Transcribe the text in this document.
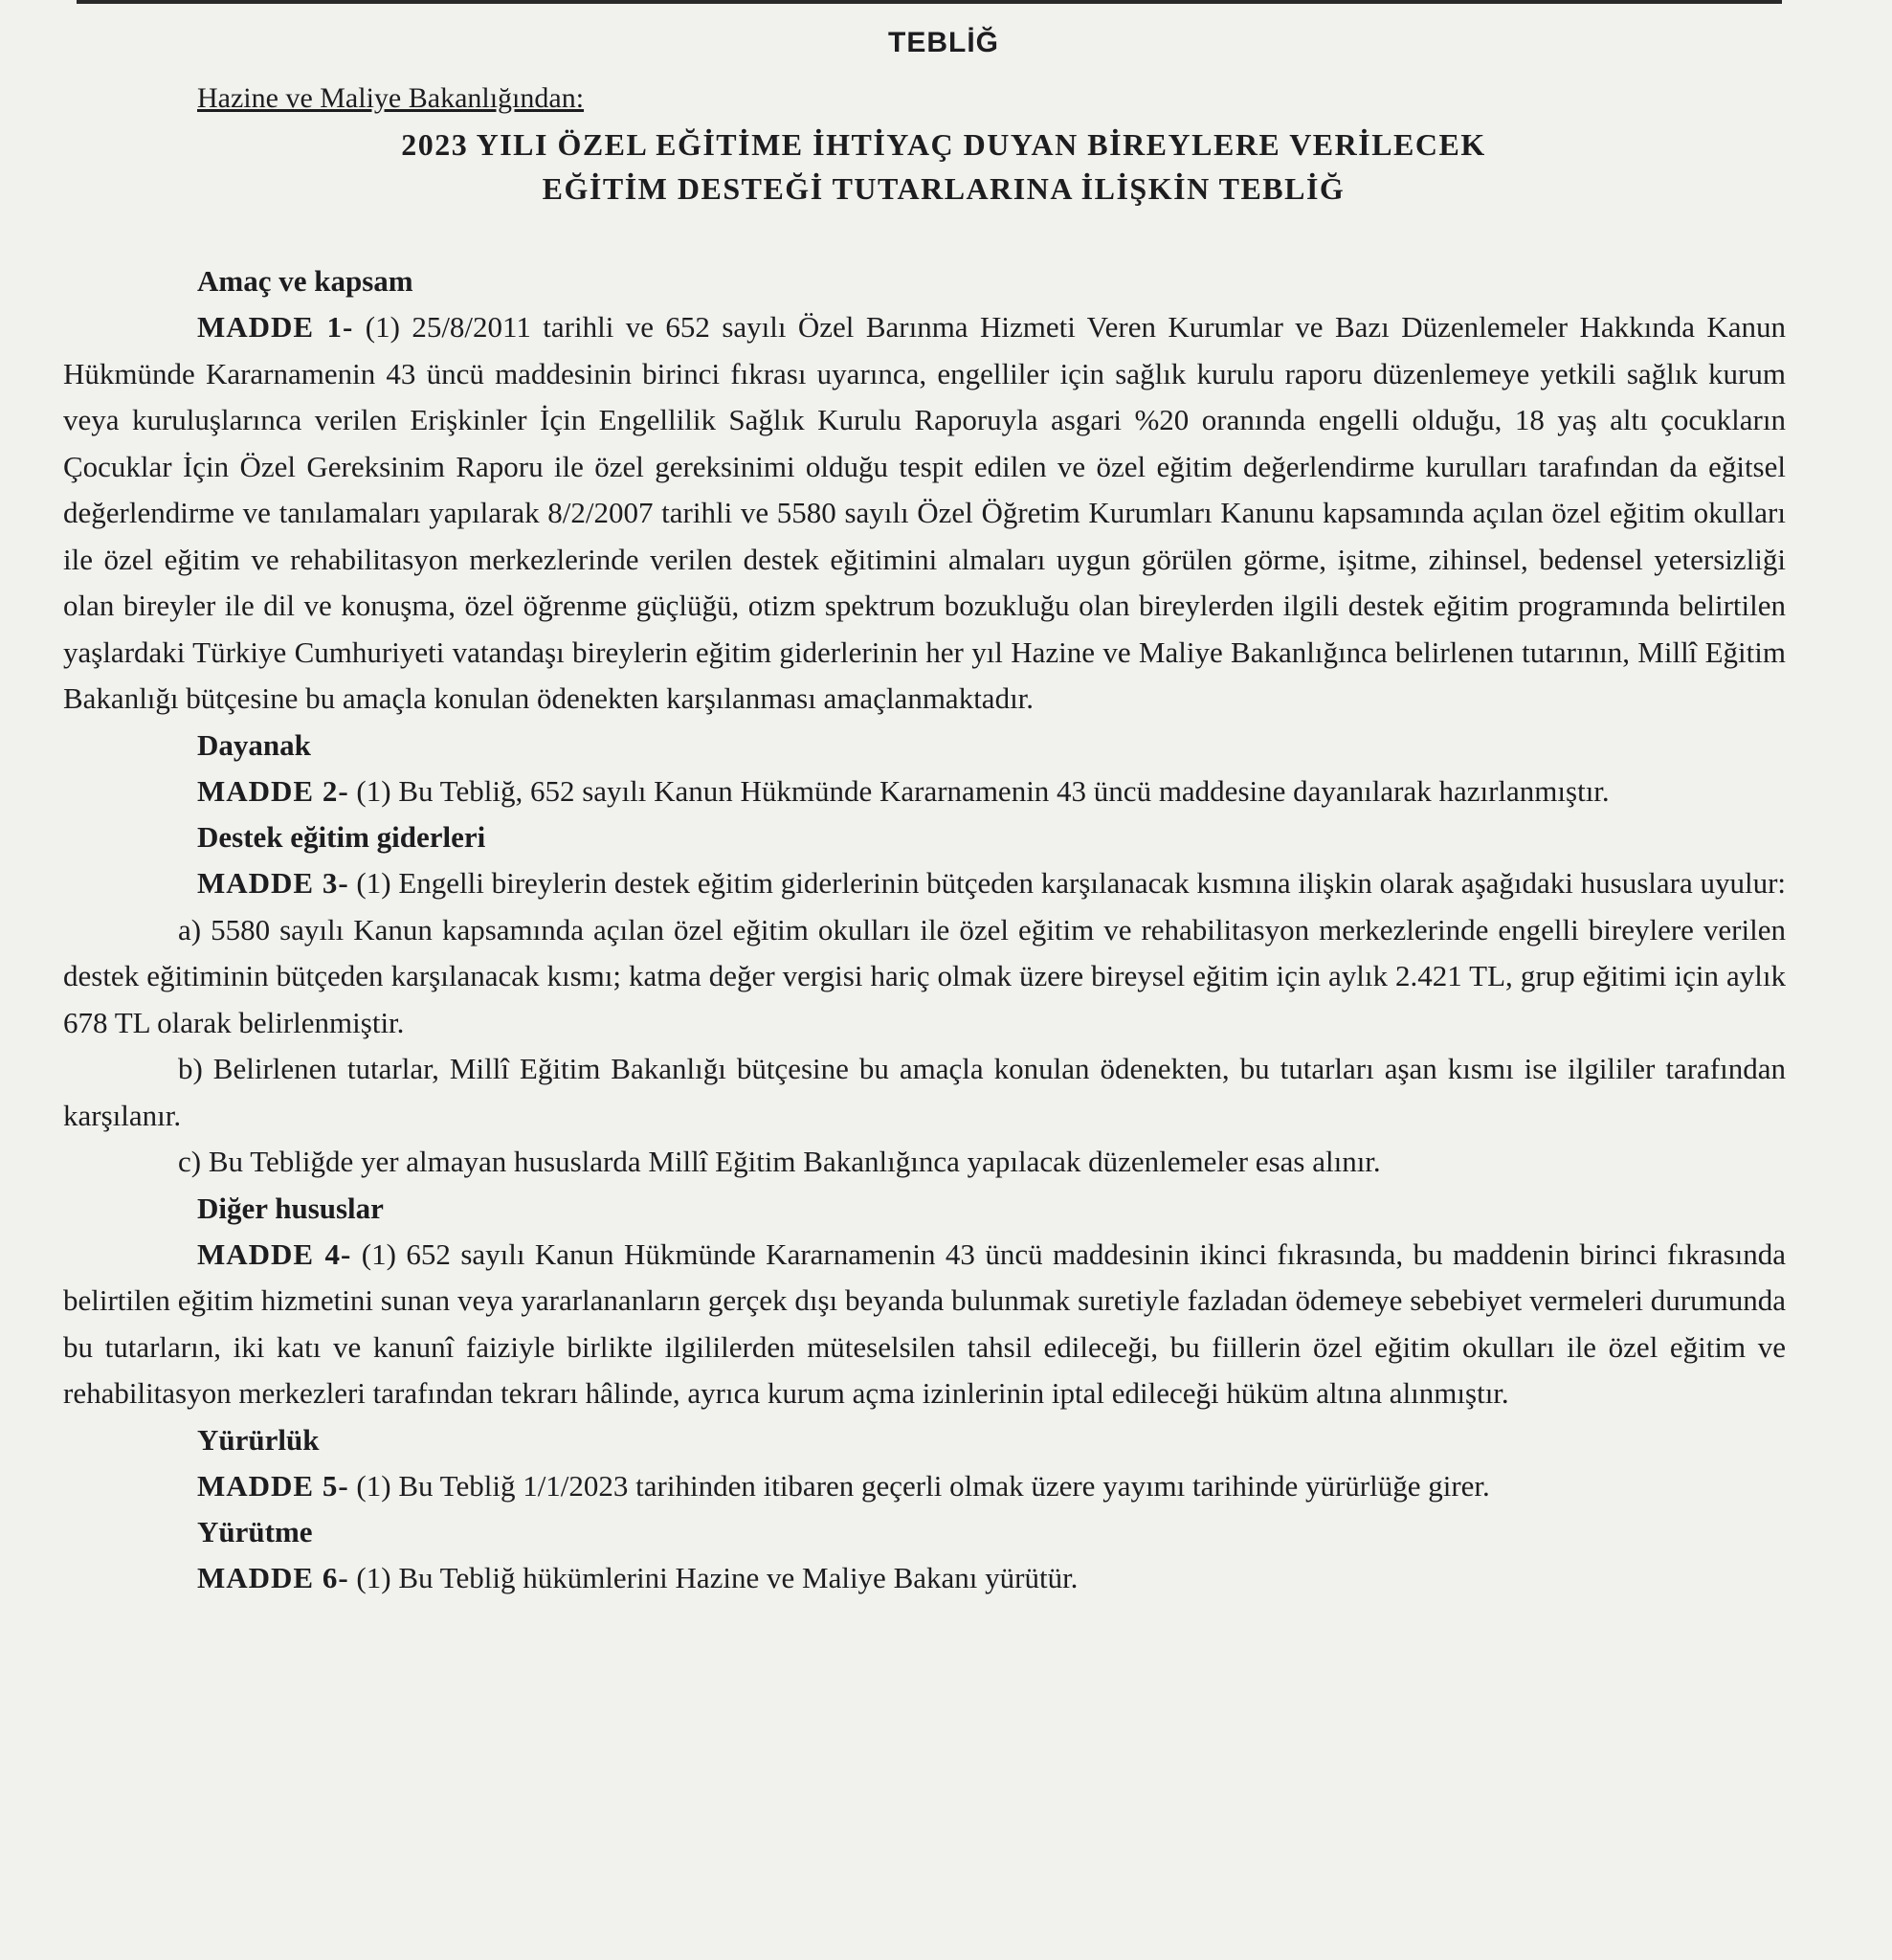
TEBLİĞ
Hazine ve Maliye Bakanlığından:
2023 YILI ÖZEL EĞİTİME İHTİYAÇ DUYAN BİREYLERE VERİLECEK
EĞİTİM DESTEĞİ TUTARLARINA İLİŞKİN TEBLİĞ
Amaç ve kapsam
MADDE 1- (1) 25/8/2011 tarihli ve 652 sayılı Özel Barınma Hizmeti Veren Kurumlar ve Bazı Düzenlemeler Hakkında Kanun Hükmünde Kararnamenin 43 üncü maddesinin birinci fıkrası uyarınca, engelliler için sağlık kurulu raporu düzenlemeye yetkili sağlık kurum veya kuruluşlarınca verilen Erişkinler İçin Engellilik Sağlık Kurulu Raporuyla asgari %20 oranında engelli olduğu, 18 yaş altı çocukların Çocuklar İçin Özel Gereksinim Raporu ile özel gereksinimi olduğu tespit edilen ve özel eğitim değerlendirme kurulları tarafından da eğitsel değerlendirme ve tanılamaları yapılarak 8/2/2007 tarihli ve 5580 sayılı Özel Öğretim Kurumları Kanunu kapsamında açılan özel eğitim okulları ile özel eğitim ve rehabilitasyon merkezlerinde verilen destek eğitimini almaları uygun görülen görme, işitme, zihinsel, bedensel yetersizliği olan bireyler ile dil ve konuşma, özel öğrenme güçlüğü, otizm spektrum bozukluğu olan bireylerden ilgili destek eğitim programında belirtilen yaşlardaki Türkiye Cumhuriyeti vatandaşı bireylerin eğitim giderlerinin her yıl Hazine ve Maliye Bakanlığınca belirlenen tutarının, Millî Eğitim Bakanlığı bütçesine bu amaçla konulan ödenekten karşılanması amaçlanmaktadır.
Dayanak
MADDE 2- (1) Bu Tebliğ, 652 sayılı Kanun Hükmünde Kararnamenin 43 üncü maddesine dayanılarak hazırlanmıştır.
Destek eğitim giderleri
MADDE 3- (1) Engelli bireylerin destek eğitim giderlerinin bütçeden karşılanacak kısmına ilişkin olarak aşağıdaki hususlara uyulur:
a) 5580 sayılı Kanun kapsamında açılan özel eğitim okulları ile özel eğitim ve rehabilitasyon merkezlerinde engelli bireylere verilen destek eğitiminin bütçeden karşılanacak kısmı; katma değer vergisi hariç olmak üzere bireysel eğitim için aylık 2.421 TL, grup eğitimi için aylık 678 TL olarak belirlenmiştir.
b) Belirlenen tutarlar, Millî Eğitim Bakanlığı bütçesine bu amaçla konulan ödenekten, bu tutarları aşan kısmı ise ilgililer tarafından karşılanır.
c) Bu Tebliğde yer almayan hususlarda Millî Eğitim Bakanlığınca yapılacak düzenlemeler esas alınır.
Diğer hususlar
MADDE 4- (1) 652 sayılı Kanun Hükmünde Kararnamenin 43 üncü maddesinin ikinci fıkrasında, bu maddenin birinci fıkrasında belirtilen eğitim hizmetini sunan veya yararlananların gerçek dışı beyanda bulunmak suretiyle fazladan ödemeye sebebiyet vermeleri durumunda bu tutarların, iki katı ve kanunî faiziyle birlikte ilgililerden müteselsilen tahsil edileceği, bu fiillerin özel eğitim okulları ile özel eğitim ve rehabilitasyon merkezleri tarafından tekrarı hâlinde, ayrıca kurum açma izinlerinin iptal edileceği hüküm altına alınmıştır.
Yürürlük
MADDE 5- (1) Bu Tebliğ 1/1/2023 tarihinden itibaren geçerli olmak üzere yayımı tarihinde yürürlüğe girer.
Yürütme
MADDE 6- (1) Bu Tebliğ hükümlerini Hazine ve Maliye Bakanı yürütür.
